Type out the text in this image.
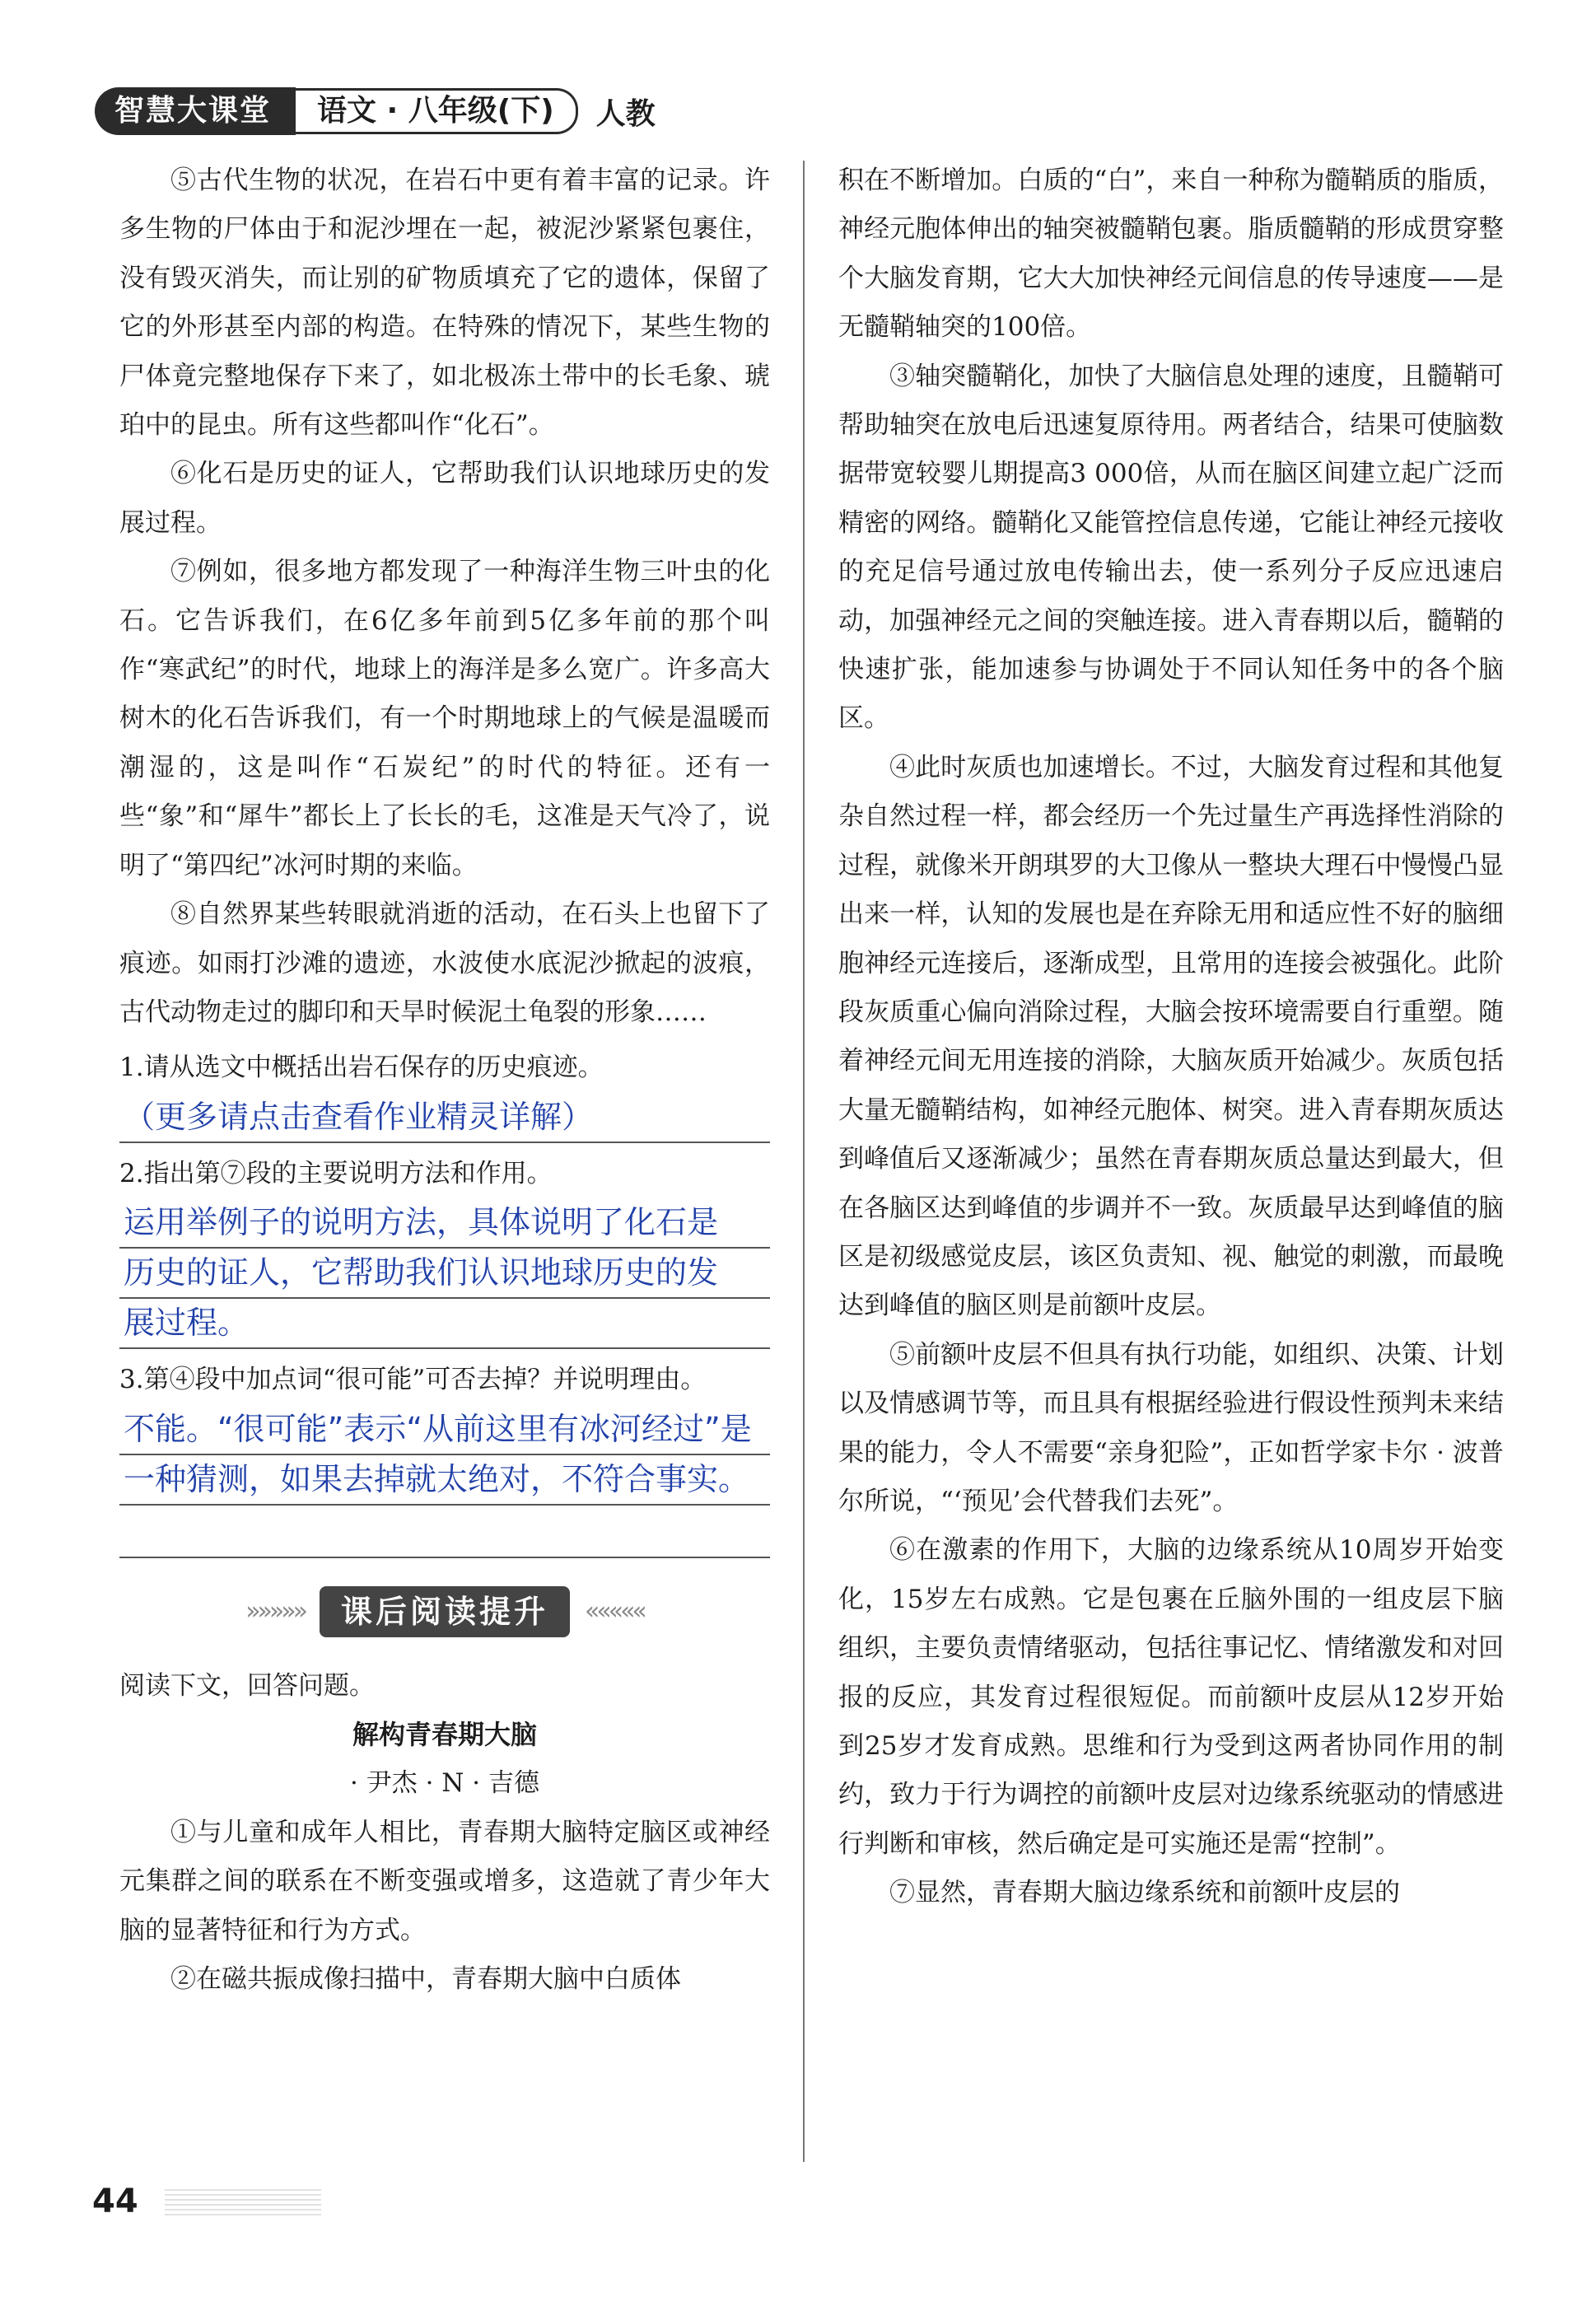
智慧大课堂	语文 · 八年级(下)	人教

⑤古代生物的状况，在岩石中更有着丰富的记录。许多生物的尸体由于和泥沙埋在一起，被泥沙紧紧包裹住，没有毁灭消失，而让别的矿物质填充了它的遗体，保留了它的外形甚至内部的构造。在特殊的情况下，某些生物的尸体竟完整地保存下来了，如北极冻土带中的长毛象、琥珀中的昆虫。所有这些都叫作“化石”。

⑥化石是历史的证人，它帮助我们认识地球历史的发展过程。

⑦例如，很多地方都发现了一种海洋生物三叶虫的化石。它告诉我们，在6亿多年前到5亿多年前的那个叫作“寒武纪”的时代，地球上的海洋是多么宽广。许多高大树木的化石告诉我们，有一个时期地球上的气候是温暖而潮湿的，这是叫作“石炭纪”的时代的特征。还有一些“象”和“犀牛”都长上了长长的毛，这准是天气冷了，说明了“第四纪”冰河时期的来临。

⑧自然界某些转眼就消逝的活动，在石头上也留下了痕迹。如雨打沙滩的遗迹，水波使水底泥沙掀起的波痕，古代动物走过的脚印和天旱时候泥土龟裂的形象……

1.请从选文中概括出岩石保存的历史痕迹。
（更多请点击查看作业精灵详解）
2.指出第⑦段的主要说明方法和作用。
运用举例子的说明方法，具体说明了化石是
历史的证人，它帮助我们认识地球历史的发
展过程。
3.第④段中加点词“很可能”可否去掉？并说明理由。
不能。“很可能”表示“从前这里有冰河经过”是
一种猜测，如果去掉就太绝对，不符合事实。
»»»»»	课后阅读提升	«««««

阅读下文，回答问题。

解构青春期大脑
· 尹杰 · N · 吉德

①与儿童和成年人相比，青春期大脑特定脑区或神经元集群之间的联系在不断变强或增多，这造就了青少年大脑的显著特征和行为方式。

②在磁共振成像扫描中，青春期大脑中白质体

积在不断增加。白质的“白”，来自一种称为髓鞘质的脂质，神经元胞体伸出的轴突被髓鞘包裹。脂质髓鞘的形成贯穿整个大脑发育期，它大大加快神经元间信息的传导速度——是无髓鞘轴突的100倍。

③轴突髓鞘化，加快了大脑信息处理的速度，且髓鞘可帮助轴突在放电后迅速复原待用。两者结合，结果可使脑数据带宽较婴儿期提高3 000倍，从而在脑区间建立起广泛而精密的网络。髓鞘化又能管控信息传递，它能让神经元接收的充足信号通过放电传输出去，使一系列分子反应迅速启动，加强神经元之间的突触连接。进入青春期以后，髓鞘的快速扩张，能加速参与协调处于不同认知任务中的各个脑区。

④此时灰质也加速增长。不过，大脑发育过程和其他复杂自然过程一样，都会经历一个先过量生产再选择性消除的过程，就像米开朗琪罗的大卫像从一整块大理石中慢慢凸显出来一样，认知的发展也是在弃除无用和适应性不好的脑细胞神经元连接后，逐渐成型，且常用的连接会被强化。此阶段灰质重心偏向消除过程，大脑会按环境需要自行重塑。随着神经元间无用连接的消除，大脑灰质开始减少。灰质包括大量无髓鞘结构，如神经元胞体、树突。进入青春期灰质达到峰值后又逐渐减少；虽然在青春期灰质总量达到最大，但在各脑区达到峰值的步调并不一致。灰质最早达到峰值的脑区是初级感觉皮层，该区负责知、视、触觉的刺激，而最晚达到峰值的脑区则是前额叶皮层。

⑤前额叶皮层不但具有执行功能，如组织、决策、计划以及情感调节等，而且具有根据经验进行假设性预判未来结果的能力，令人不需要“亲身犯险”，正如哲学家卡尔 · 波普尔所说，“‘预见’会代替我们去死”。

⑥在激素的作用下，大脑的边缘系统从10周岁开始变化，15岁左右成熟。它是包裹在丘脑外围的一组皮层下脑组织，主要负责情绪驱动，包括往事记忆、情绪激发和对回报的反应，其发育过程很短促。而前额叶皮层从12岁开始到25岁才发育成熟。思维和行为受到这两者协同作用的制约，致力于行为调控的前额叶皮层对边缘系统驱动的情感进行判断和审核，然后确定是可实施还是需“控制”。

⑦显然，青春期大脑边缘系统和前额叶皮层的

44
